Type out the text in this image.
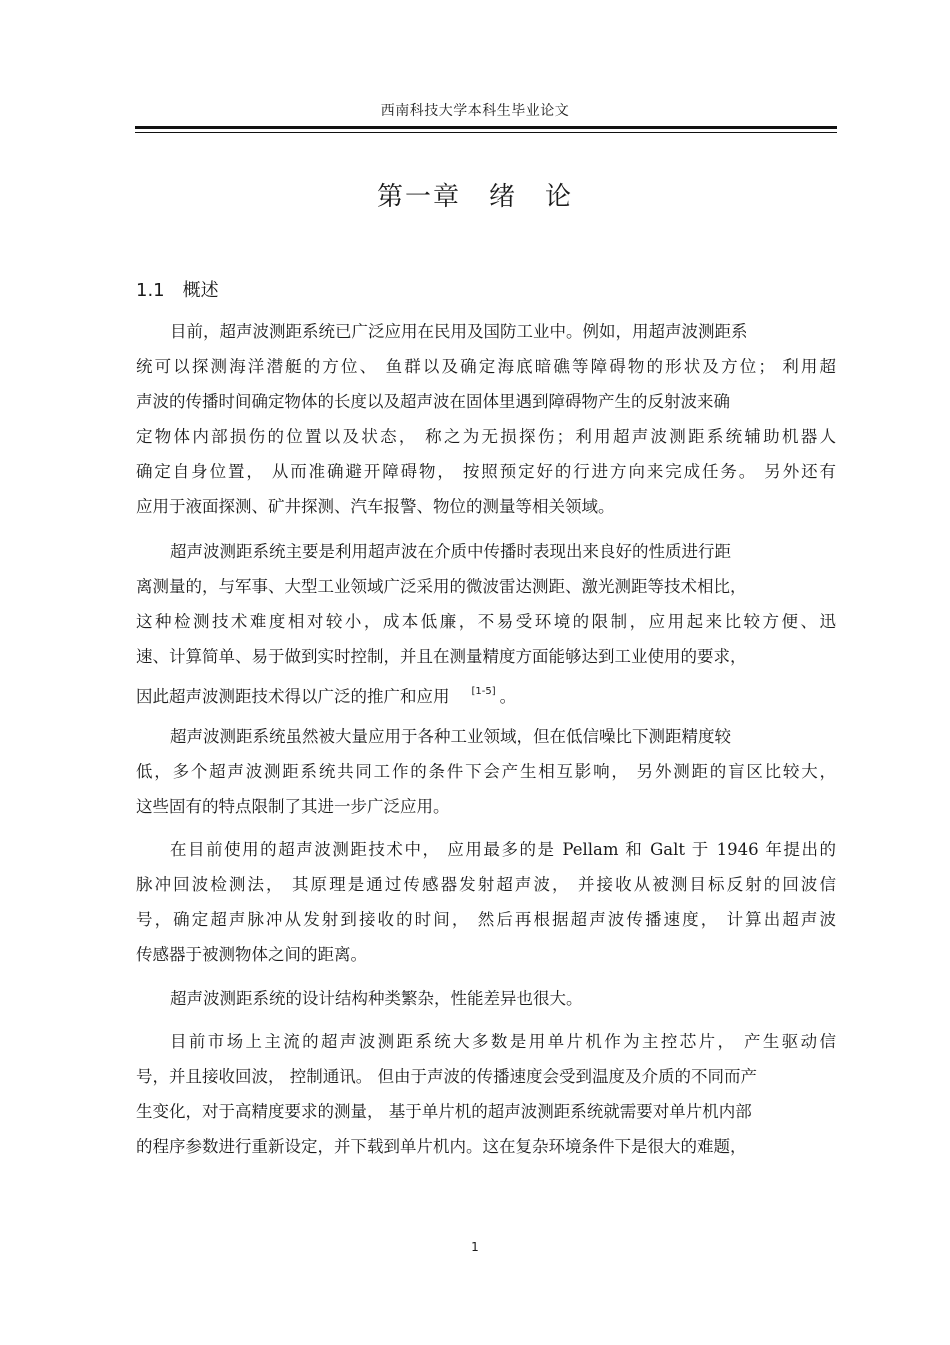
西南科技大学本科生毕业论文
第一章 绪 论
1.1 概述
目前，超声波测距系统已广泛应用在民用及国防工业中。例如，用超声波测距系
统可以探测海洋潜艇的方位、 鱼群以及确定海底暗礁等障碍物的形状及方位； 利用超
声波的传播时间确定物体的长度以及超声波在固体里遇到障碍物产生的反射波来确
定物体内部损伤的位置以及状态， 称之为无损探伤；利用超声波测距系统辅助机器人
确定自身位置， 从而准确避开障碍物， 按照预定好的行进方向来完成任务。 另外还有
应用于液面探测、矿井探测、汽车报警、物位的测量等相关领域。
超声波测距系统主要是利用超声波在介质中传播时表现出来良好的性质进行距
离测量的，与军事、大型工业领域广泛采用的微波雷达测距、激光测距等技术相比，
这种检测技术难度相对较小，成本低廉，不易受环境的限制，应用起来比较方便、迅
速、计算简单、易于做到实时控制，并且在测量精度方面能够达到工业使用的要求，
因此超声波测距技术得以广泛的推广和应用 [1-5] 。
超声波测距系统虽然被大量应用于各种工业领域，但在低信噪比下测距精度较
低，多个超声波测距系统共同工作的条件下会产生相互影响， 另外测距的盲区比较大，
这些固有的特点限制了其进一步广泛应用。
在目前使用的超声波测距技术中， 应用最多的是 Pellam 和 Galt 于 1946 年提出的
脉冲回波检测法， 其原理是通过传感器发射超声波， 并接收从被测目标反射的回波信
号，确定超声脉冲从发射到接收的时间， 然后再根据超声波传播速度， 计算出超声波
传感器于被测物体之间的距离。
超声波测距系统的设计结构种类繁杂，性能差异也很大。
目前市场上主流的超声波测距系统大多数是用单片机作为主控芯片， 产生驱动信
号，并且接收回波， 控制通讯。 但由于声波的传播速度会受到温度及介质的不同而产
生变化，对于高精度要求的测量， 基于单片机的超声波测距系统就需要对单片机内部
的程序参数进行重新设定，并下载到单片机内。这在复杂环境条件下是很大的难题，
1
